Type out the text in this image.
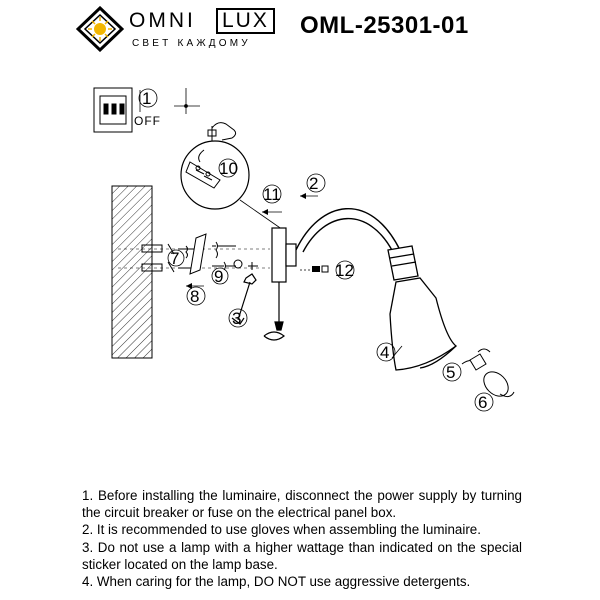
OMNI LUX
СВЕТ КАЖДОМУ
OML-25301-01
1
OFF
10
7
8
9
3
11
12
2
4
5
6
1. Before installing the luminaire, disconnect the power supply by turning the circuit breaker or fuse on the electrical panel box.
2. It is recommended to use gloves when assembling the luminaire.
3. Do not use a lamp with a higher wattage than indicated on the special sticker located on the lamp base.
4. When caring for the lamp, DO NOT use aggressive detergents.
